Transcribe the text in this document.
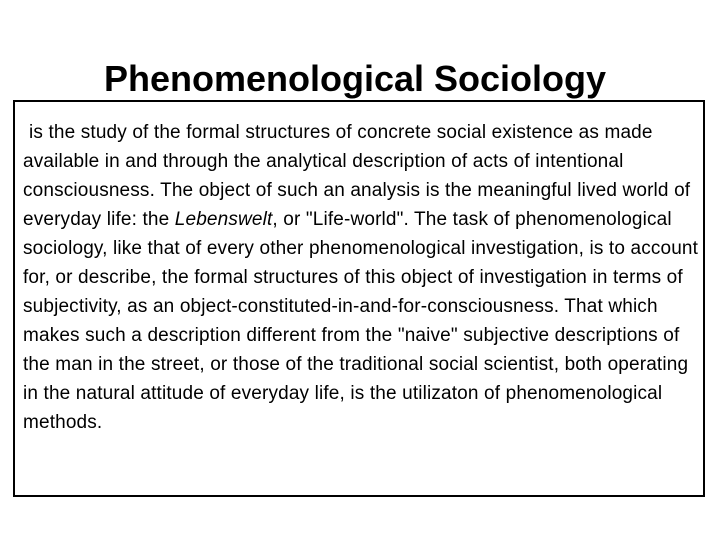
Phenomenological Sociology

is the study of the formal structures of concrete social existence as made available in and through the analytical description of acts of intentional consciousness. The object of such an analysis is the meaningful lived world of everyday life: the Lebenswelt, or "Life-world". The task of phenomenological sociology, like that of every other phenomenological investigation, is to account for, or describe, the formal structures of this object of investigation in terms of subjectivity, as an object-constituted-in-and-for-consciousness. That which makes such a description different from the "naive" subjective descriptions of the man in the street, or those of the traditional social scientist, both operating in the natural attitude of everyday life, is the utilizaton of phenomenological methods.
